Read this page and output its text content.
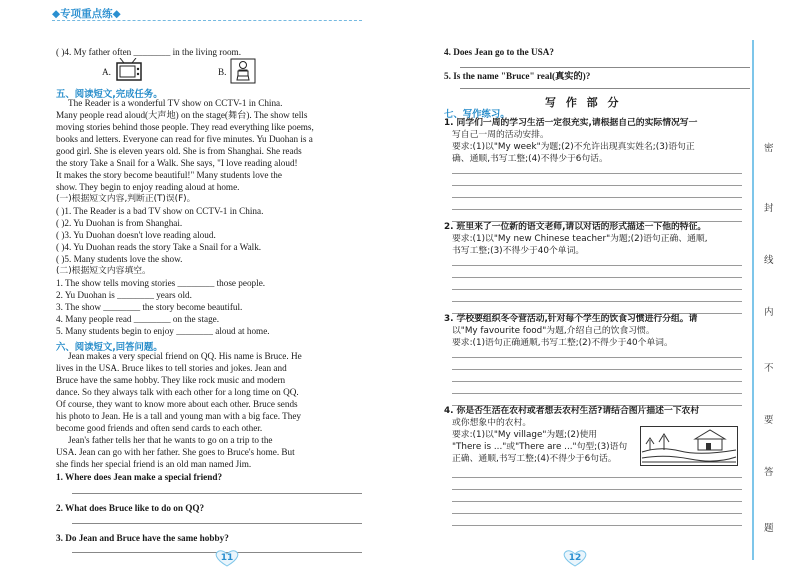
◆专项重点练◆
( )4. My father often ________ in the living room.
A.	B.
五、阅读短文,完成任务。
The Reader is a wonderful TV show on CCTV-1 in China.
Many people read aloud(大声地) on the stage(舞台). The show tells
moving stories behind those people. They read everything like poems,
books and letters. Everyone can read for five minutes. Yu Duohan is a
good girl. She is eleven years old. She is from Shanghai. She reads
the story Take a Snail for a Walk. She says, "I love reading aloud!
It makes the story become beautiful!" Many students love the
show. They begin to enjoy reading aloud at home.
(一)根据短文内容,判断正(T)误(F)。
( )1. The Reader is a bad TV show on CCTV-1 in China.
( )2. Yu Duohan is from Shanghai.
( )3. Yu Duohan doesn't love reading aloud.
( )4. Yu Duohan reads the story Take a Snail for a Walk.
( )5. Many students love the show.
(二)根据短文内容填空。
1. The show tells moving stories ________ those people.
2. Yu Duohan is ________ years old.
3. The show ________ the story become beautiful.
4. Many people read ________ on the stage.
5. Many students begin to enjoy ________ aloud at home.
六、阅读短文,回答问题。
Jean makes a very special friend on QQ. His name is Bruce. He
lives in the USA. Bruce likes to tell stories and jokes. Jean and
Bruce have the same hobby. They like rock music and modern
dance. So they always talk with each other for a long time on QQ.
Of course, they want to know more about each other. Bruce sends
his photo to Jean. He is a tall and young man with a big face. They
become good friends and often send cards to each other.
Jean's father tells her that he wants to go on a trip to the
USA. Jean can go with her father. She goes to Bruce's home. But
she finds her special friend is an old man named Jim.
1. Where does Jean make a special friend?
2. What does Bruce like to do on QQ?
3. Do Jean and Bruce have the same hobby?
11
4. Does Jean go to the USA?
5. Is the name "Bruce" real(真实的)?
写 作 部 分
七、写作练习。
1. 同学们一周的学习生活一定很充实,请根据自己的实际情况写一
写自己一周的活动安排。
要求:(1)以"My week"为题;(2)不允许出现真实姓名;(3)语句正
确、通顺,书写工整;(4)不得少于6句话。
2. 班里来了一位新的语文老师,请以对话的形式描述一下他的特征。
要求:(1)以"My new Chinese teacher"为题;(2)语句正确、通顺,
书写工整;(3)不得少于40个单词。
3. 学校要组织冬令营活动,针对每个学生的饮食习惯进行分组。请
以"My favourite food"为题,介绍自己的饮食习惯。
要求:(1)语句正确通顺,书写工整;(2)不得少于40个单词。
4. 你是否生活在农村或者想去农村生活?请结合图片描述一下农村
或你想象中的农村。
要求:(1)以"My village"为题;(2)使用
"There is ..."或"There are ..."句型;(3)语句
正确、通顺,书写工整;(4)不得少于6句话。
12
密
封
线
内
不
要
答
题
